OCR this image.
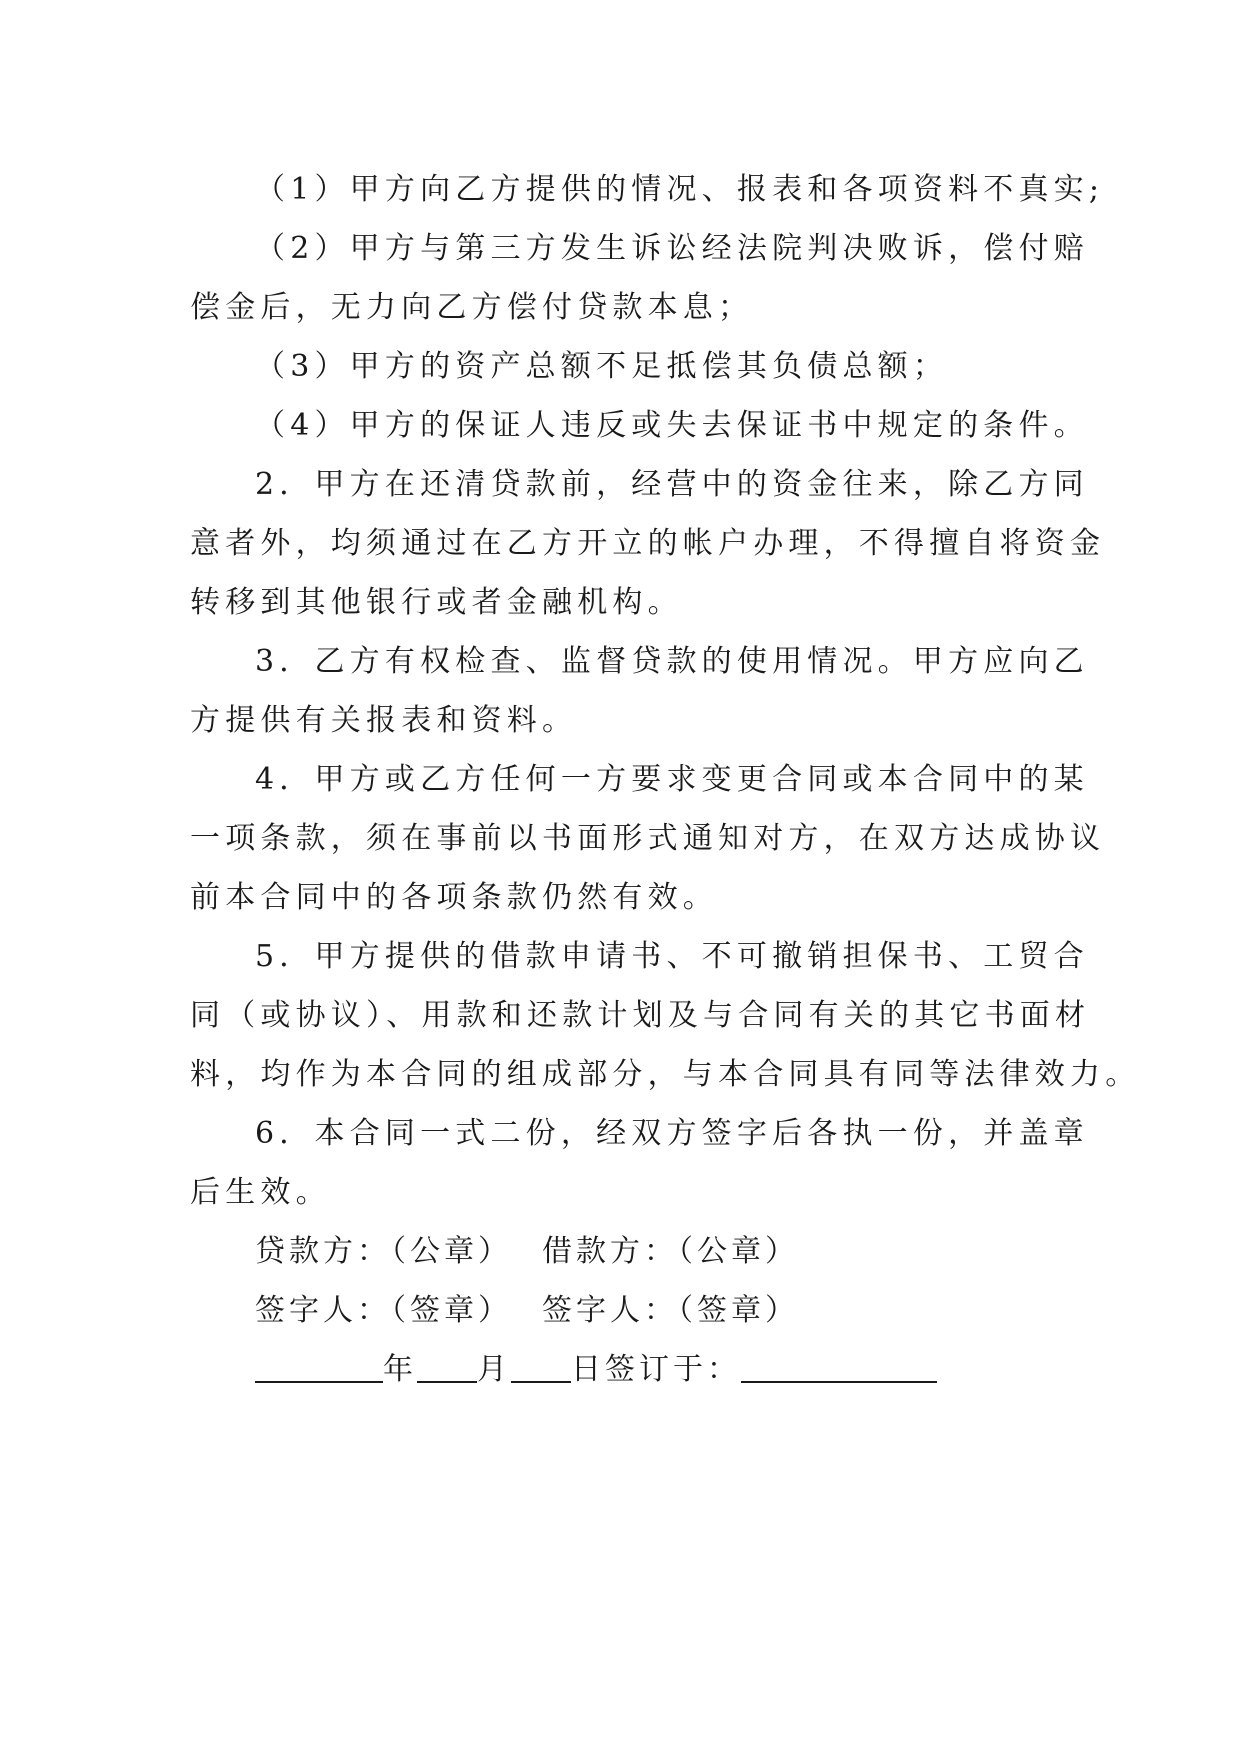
（1）甲方向乙方提供的情况、报表和各项资料不真实;
（2）甲方与第三方发生诉讼经法院判决败诉，偿付赔
偿金后，无力向乙方偿付贷款本息；
（3）甲方的资产总额不足抵偿其负债总额；
（4）甲方的保证人违反或失去保证书中规定的条件。
2．甲方在还清贷款前，经营中的资金往来，除乙方同
意者外，均须通过在乙方开立的帐户办理，不得擅自将资金
转移到其他银行或者金融机构。
3．乙方有权检查、监督贷款的使用情况。甲方应向乙
方提供有关报表和资料。
4．甲方或乙方任何一方要求变更合同或本合同中的某
一项条款，须在事前以书面形式通知对方，在双方达成协议
前本合同中的各项条款仍然有效。
5．甲方提供的借款申请书、不可撤销担保书、工贸合
同（或协议）、用款和还款计划及与合同有关的其它书面材
料，均作为本合同的组成部分，与本合同具有同等法律效力。
6．本合同一式二份，经双方签字后各执一份，并盖章
后生效。
贷款方：（公章） 借款方：（公章）
签字人：（签章） 签字人：（签章）
年 月 日签订于：
